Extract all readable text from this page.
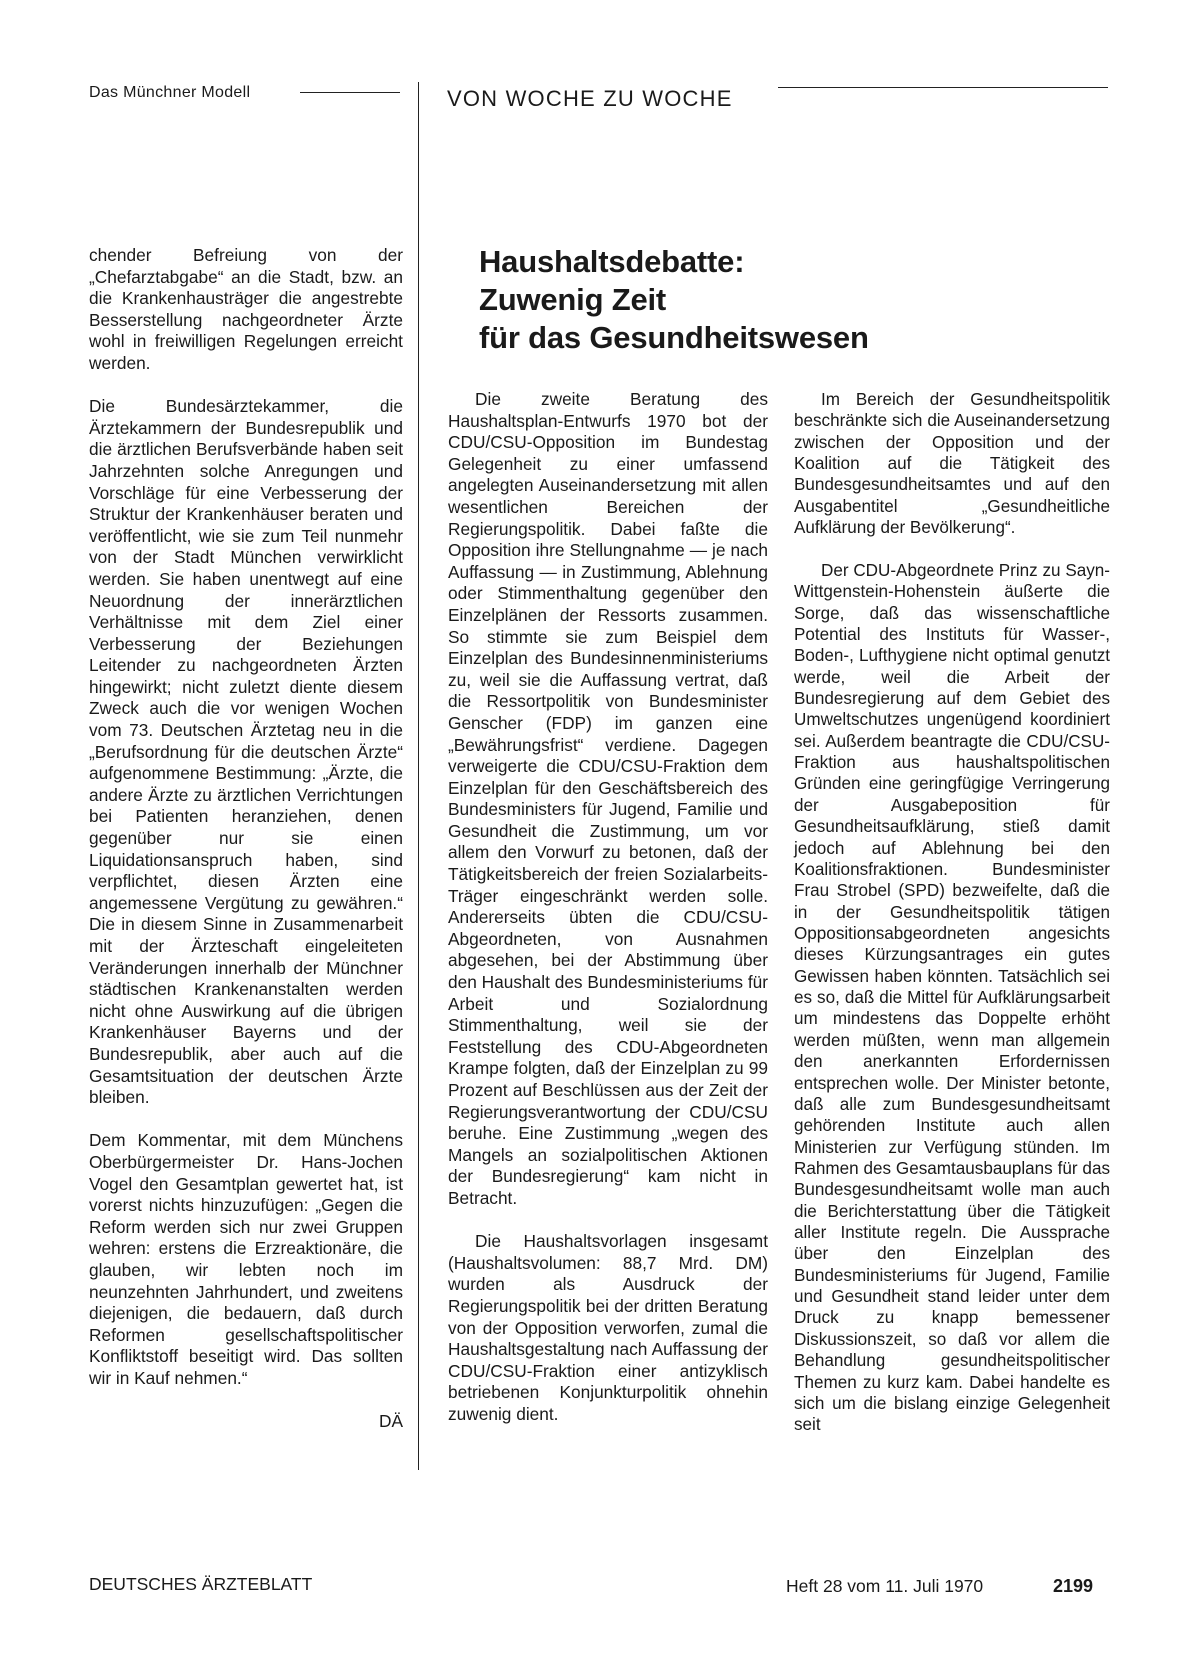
Das Münchner Modell	VON WOCHE ZU WOCHE

chender Befreiung von der „Chefarztabgabe“ an die Stadt, bzw. an die Krankenhausträger die angestrebte Besserstellung nachgeordneter Ärzte wohl in freiwilligen Regelungen erreicht werden.

Die Bundesärztekammer, die Ärztekammern der Bundesrepublik und die ärztlichen Berufsverbände haben seit Jahrzehnten solche Anregungen und Vorschläge für eine Verbesserung der Struktur der Krankenhäuser beraten und veröffentlicht, wie sie zum Teil nunmehr von der Stadt München verwirklicht werden. Sie haben unentwegt auf eine Neuordnung der innerärztlichen Verhältnisse mit dem Ziel einer Verbesserung der Beziehungen Leitender zu nachgeordneten Ärzten hingewirkt; nicht zuletzt diente diesem Zweck auch die vor wenigen Wochen vom 73. Deutschen Ärztetag neu in die „Berufsordnung für die deutschen Ärzte“ aufgenommene Bestimmung: „Ärzte, die andere Ärzte zu ärztlichen Verrichtungen bei Patienten heranziehen, denen gegenüber nur sie einen Liquidationsanspruch haben, sind verpflichtet, diesen Ärzten eine angemessene Vergütung zu gewähren.“ Die in diesem Sinne in Zusammenarbeit mit der Ärzteschaft eingeleiteten Veränderungen innerhalb der Münchner städtischen Krankenanstalten werden nicht ohne Auswirkung auf die übrigen Krankenhäuser Bayerns und der Bundesrepublik, aber auch auf die Gesamtsituation der deutschen Ärzte bleiben.

Dem Kommentar, mit dem Münchens Oberbürgermeister Dr. Hans-Jochen Vogel den Gesamtplan gewertet hat, ist vorerst nichts hinzuzufügen: „Gegen die Reform werden sich nur zwei Gruppen wehren: erstens die Erzreaktionäre, die glauben, wir lebten noch im neunzehnten Jahrhundert, und zweitens diejenigen, die bedauern, daß durch Reformen gesellschaftspolitischer Konfliktstoff beseitigt wird. Das sollten wir in Kauf nehmen.“

DÄ
Haushaltsdebatte:
Zuwenig Zeit
für das Gesundheitswesen

Die zweite Beratung des Haushaltsplan-Entwurfs 1970 bot der CDU/CSU-Opposition im Bundestag Gelegenheit zu einer umfassend angelegten Auseinandersetzung mit allen wesentlichen Bereichen der Regierungspolitik. Dabei faßte die Opposition ihre Stellungnahme — je nach Auffassung — in Zustimmung, Ablehnung oder Stimmenthaltung gegenüber den Einzelplänen der Ressorts zusammen. So stimmte sie zum Beispiel dem Einzelplan des Bundesinnenministeriums zu, weil sie die Auffassung vertrat, daß die Ressortpolitik von Bundesminister Genscher (FDP) im ganzen eine „Bewährungsfrist“ verdiene. Dagegen verweigerte die CDU/CSU-Fraktion dem Einzelplan für den Geschäftsbereich des Bundesministers für Jugend, Familie und Gesundheit die Zustimmung, um vor allem den Vorwurf zu betonen, daß der Tätigkeitsbereich der freien Sozialarbeits-Träger eingeschränkt werden solle. Andererseits übten die CDU/CSU-Abgeordneten, von Ausnahmen abgesehen, bei der Abstimmung über den Haushalt des Bundesministeriums für Arbeit und Sozialordnung Stimmenthaltung, weil sie der Feststellung des CDU-Abgeordneten Krampe folgten, daß der Einzelplan zu 99 Prozent auf Beschlüssen aus der Zeit der Regierungsverantwortung der CDU/CSU beruhe. Eine Zustimmung „wegen des Mangels an sozialpolitischen Aktionen der Bundesregierung“ kam nicht in Betracht.

Die Haushaltsvorlagen insgesamt (Haushaltsvolumen: 88,7 Mrd. DM) wurden als Ausdruck der Regierungspolitik bei der dritten Beratung von der Opposition verworfen, zumal die Haushaltsgestaltung nach Auffassung der CDU/CSU-Fraktion einer antizyklisch betriebenen Konjunkturpolitik ohnehin zuwenig dient.

Im Bereich der Gesundheitspolitik beschränkte sich die Auseinandersetzung zwischen der Opposition und der Koalition auf die Tätigkeit des Bundesgesundheitsamtes und auf den Ausgabentitel „Gesundheitliche Aufklärung der Bevölkerung“.

Der CDU-Abgeordnete Prinz zu Sayn-Wittgenstein-Hohenstein äußerte die Sorge, daß das wissenschaftliche Potential des Instituts für Wasser-, Boden-, Lufthygiene nicht optimal genutzt werde, weil die Arbeit der Bundesregierung auf dem Gebiet des Umweltschutzes ungenügend koordiniert sei. Außerdem beantragte die CDU/CSU-Fraktion aus haushaltspolitischen Gründen eine geringfügige Verringerung der Ausgabeposition für Gesundheitsaufklärung, stieß damit jedoch auf Ablehnung bei den Koalitionsfraktionen. Bundesminister Frau Strobel (SPD) bezweifelte, daß die in der Gesundheitspolitik tätigen Oppositionsabgeordneten angesichts dieses Kürzungsantrages ein gutes Gewissen haben könnten. Tatsächlich sei es so, daß die Mittel für Aufklärungsarbeit um mindestens das Doppelte erhöht werden müßten, wenn man allgemein den anerkannten Erfordernissen entsprechen wolle. Der Minister betonte, daß alle zum Bundesgesundheitsamt gehörenden Institute auch allen Ministerien zur Verfügung stünden. Im Rahmen des Gesamtausbauplans für das Bundesgesundheitsamt wolle man auch die Berichterstattung über die Tätigkeit aller Institute regeln. Die Aussprache über den Einzelplan des Bundesministeriums für Jugend, Familie und Gesundheit stand leider unter dem Druck zu knapp bemessener Diskussionszeit, so daß vor allem die Behandlung gesundheitspolitischer Themen zu kurz kam. Dabei handelte es sich um die bislang einzige Gelegenheit seit

DEUTSCHES ÄRZTEBLATT	Heft 28 vom 11. Juli 1970	2199
